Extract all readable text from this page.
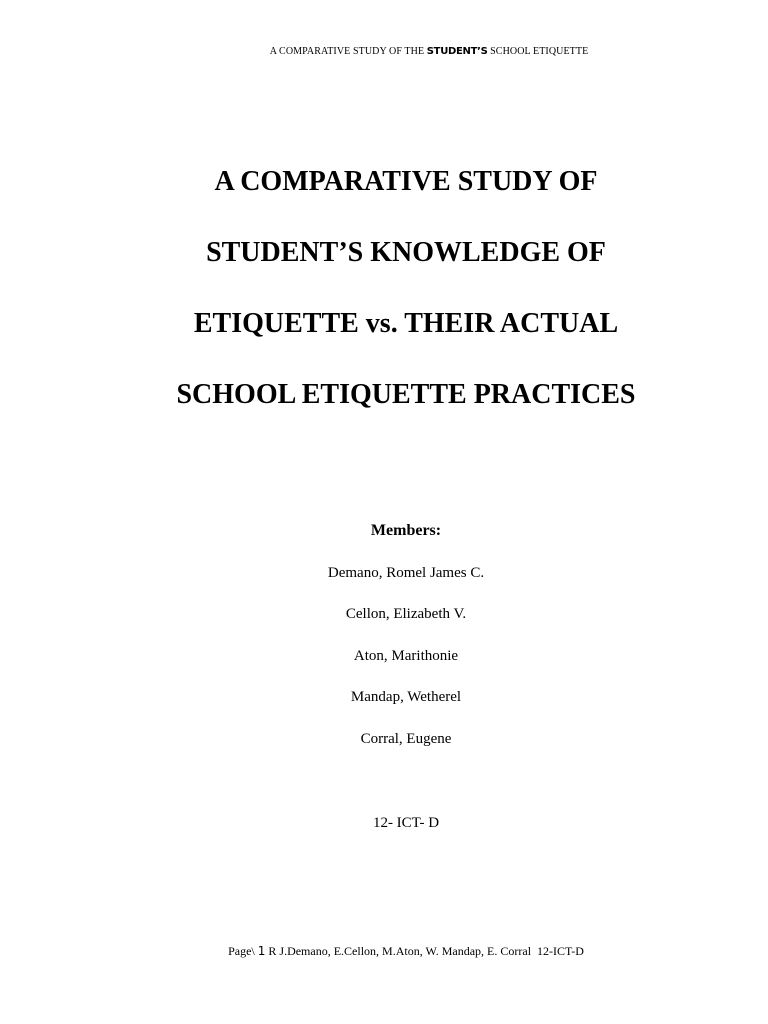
A COMPARATIVE STUDY OF THE STUDENT’S SCHOOL ETIQUETTE
A COMPARATIVE STUDY OF
STUDENT’S KNOWLEDGE OF
ETIQUETTE vs. THEIR ACTUAL
SCHOOL ETIQUETTE PRACTICES
Members:
Demano, Romel James C.
Cellon, Elizabeth V.
Aton, Marithonie
Mandap, Wetherel
Corral, Eugene
12- ICT- D
Page\ 1 R J.Demano, E.Cellon, M.Aton, W. Mandap, E. Corral 12-ICT-D
